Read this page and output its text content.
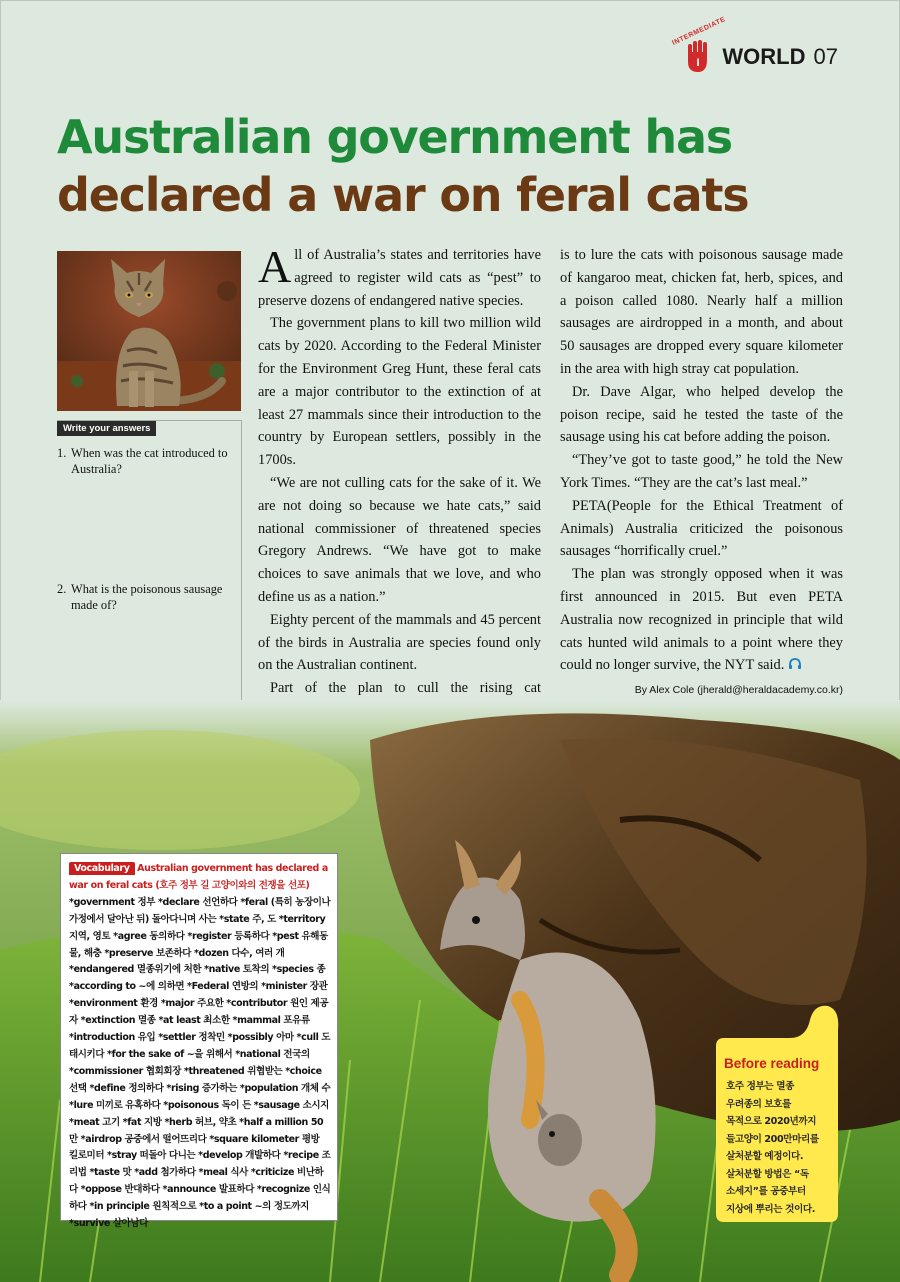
INTERMEDIATE
I WORLD 07
Australian government has
declared a war on feral cats
Write your answers
1. When was the cat introduced to Australia?
2. What is the poisonous sausage made of?

All of Australia’s states and territories have agreed to register wild cats as “pest” to preserve dozens of endangered native species.

The government plans to kill two million wild cats by 2020. According to the Federal Minister for the Environment Greg Hunt, these feral cats are a major contributor to the extinction of at least 27 mammals since their introduction to the country by European settlers, possibly in the 1700s.

“We are not culling cats for the sake of it. We are not doing so because we hate cats,” said national commissioner of threatened species Gregory Andrews. “We have got to make choices to save animals that we love, and who define us as a nation.”

Eighty percent of the mammals and 45 percent of the birds in Australia are species found only on the Australian continent.

Part of the plan to cull the rising cat

is to lure the cats with poisonous sausage made of kangaroo meat, chicken fat, herb, spices, and a poison called 1080. Nearly half a million sausages are airdropped in a month, and about 50 sausages are dropped every square kilometer in the area with high stray cat population.

Dr. Dave Algar, who helped develop the poison recipe, said he tested the taste of the sausage using his cat before adding the poison.

“They’ve got to taste good,” he told the New York Times. “They are the cat’s last meal.”

PETA(People for the Ethical Treatment of Animals) Australia criticized the poisonous sausages “horrifically cruel.”

The plan was strongly opposed when it was first announced in 2015. But even PETA Australia now recognized in principle that wild cats hunted wild animals to a point where they could no longer survive, the NYT said.

By Alex Cole (jherald@heraldacademy.co.kr)
Vocabulary Australian government has declared a war on feral cats (호주 정부 길 고양이와의 전쟁을 선포) *government 정부 *declare 선언하다 *feral (특히 농장이나 가정에서 달아난 뒤) 돌아다니며 사는 *state 주, 도 *territory 지역, 영토 *agree 동의하다 *register 등록하다 *pest 유해동물, 해충 *preserve 보존하다 *dozen 다수, 여러 개 *endangered 멸종위기에 처한 *native 토착의 *species 종 *according to ~에 의하면 *Federal 연방의 *minister 장관 *environment 환경 *major 주요한 *contributor 원인 제공자 *extinction 멸종 *at least 최소한 *mammal 포유류 *introduction 유입 *settler 정착민 *possibly 아마 *cull 도태시키다 *for the sake of ~을 위해서 *national 전국의 *commissioner 협회회장 *threatened 위협받는 *choice 선택 *define 정의하다 *rising 증가하는 *population 개체 수 *lure 미끼로 유혹하다 *poisonous 독이 든 *sausage 소시지 *meat 고기 *fat 지방 *herb 허브, 약초 *half a million 50만 *airdrop 공중에서 떨어뜨리다 *square kilometer 평방 킬로미터 *stray 떠돌아 다니는 *develop 개발하다 *recipe 조리법 *taste 맛 *add 첨가하다 *meal 식사 *criticize 비난하다 *oppose 반대하다 *announce 발표하다 *recognize 인식하다 *in principle 원칙적으로 *to a point ~의 정도까지 *survive 살아남다
Before reading
호주 정부는 멸종
우려종의 보호를
목적으로 2020년까지
들고양이 200만마리를
살처분할 예정이다.
살처분할 방법은 “독
소세지”를 공중부터
지상에 뿌리는 것이다.
